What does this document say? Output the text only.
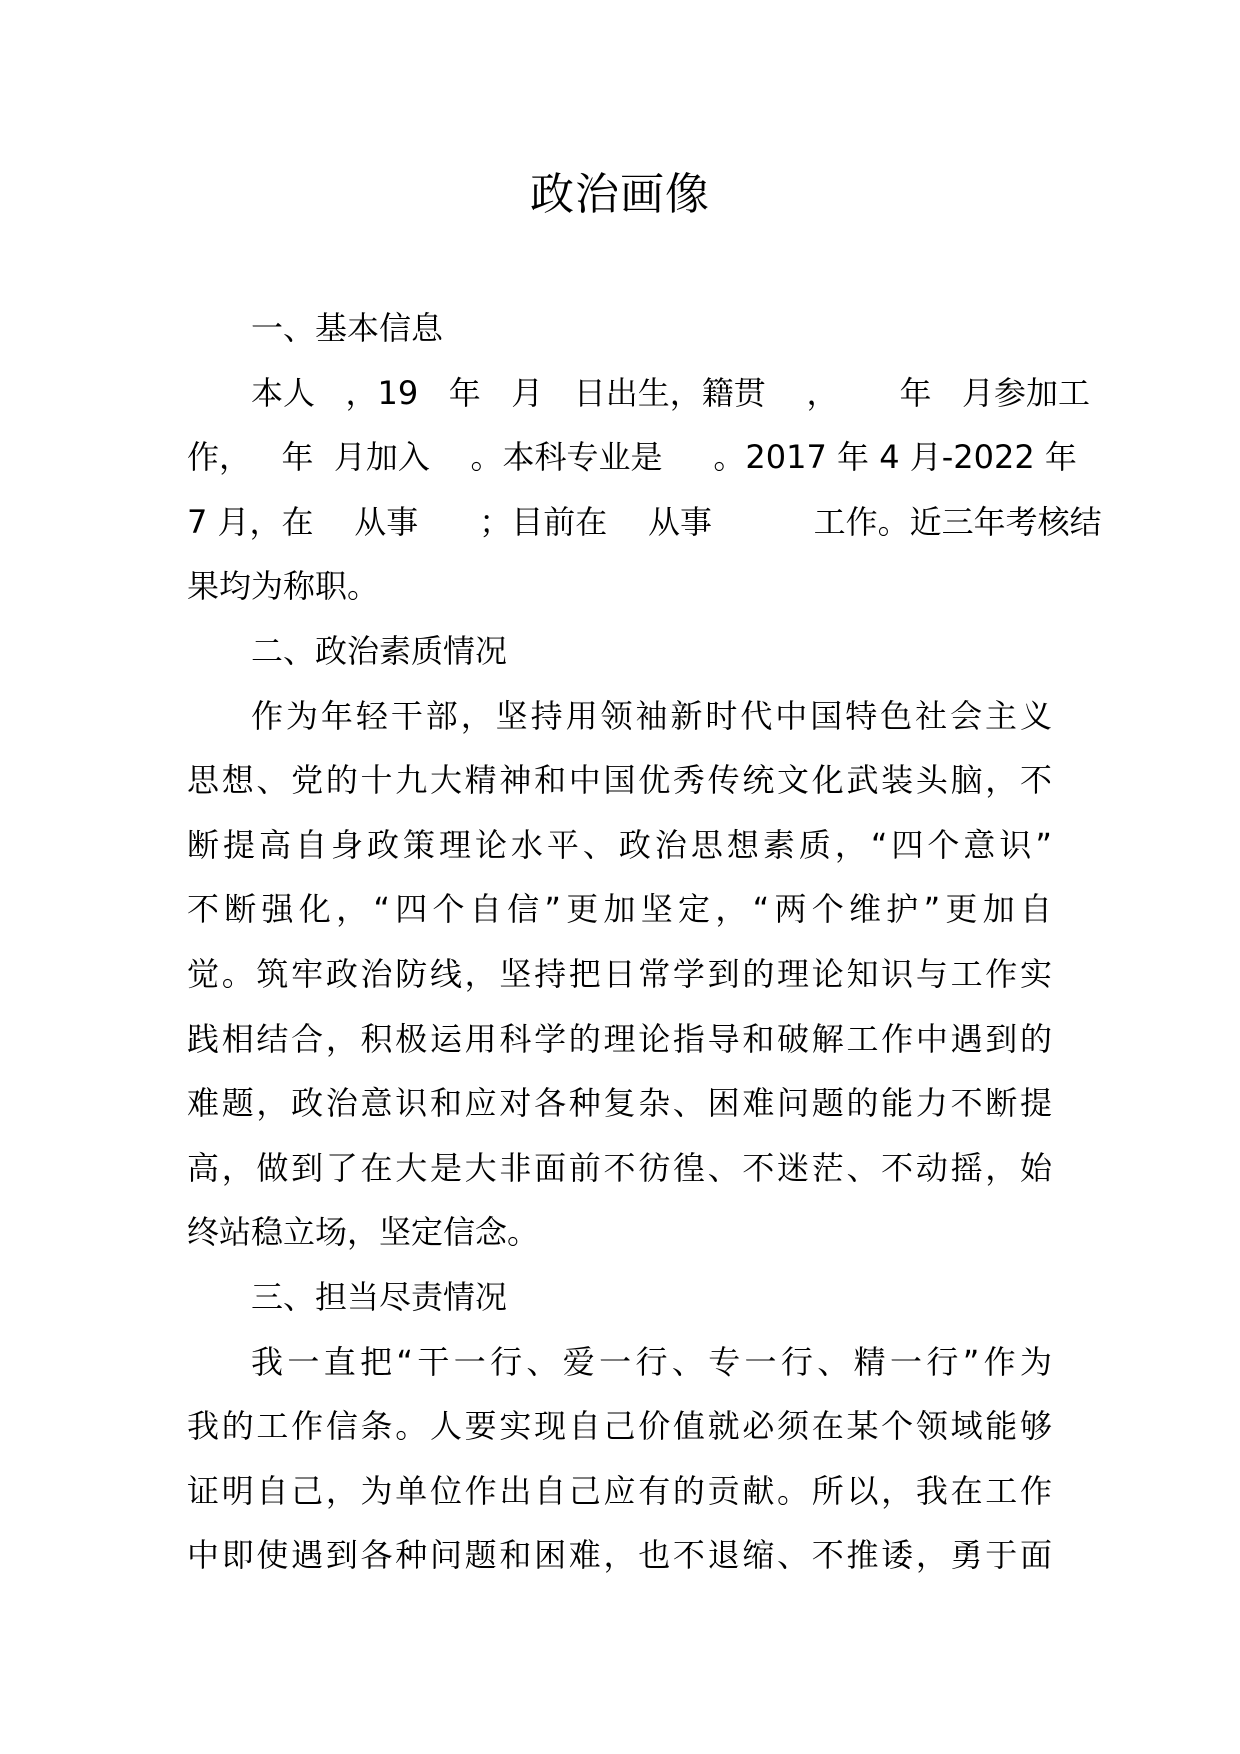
政治画像

一、基本信息

本人   ，19   年   月   日出生，籍贯    ，      年   月参加工

作，   年  月加入    。本科专业是     。2017 年 4 月-2022 年

7 月，在    从事      ；目前在    从事          工作。近三年考核结

果均为称职。

二、政治素质情况

作为年轻干部，坚持用领袖新时代中国特色社会主义

思想、党的十九大精神和中国优秀传统文化武装头脑，不

断提高自身政策理论水平、政治思想素质，“四个意识”

不断强化，“四个自信”更加坚定，“两个维护”更加自

觉。筑牢政治防线，坚持把日常学到的理论知识与工作实

践相结合，积极运用科学的理论指导和破解工作中遇到的

难题，政治意识和应对各种复杂、困难问题的能力不断提

高，做到了在大是大非面前不彷徨、不迷茫、不动摇，始

终站稳立场，坚定信念。

三、担当尽责情况

我一直把“干一行、爱一行、专一行、精一行”作为

我的工作信条。人要实现自己价值就必须在某个领域能够

证明自己，为单位作出自己应有的贡献。所以，我在工作

中即使遇到各种问题和困难，也不退缩、不推诿，勇于面
